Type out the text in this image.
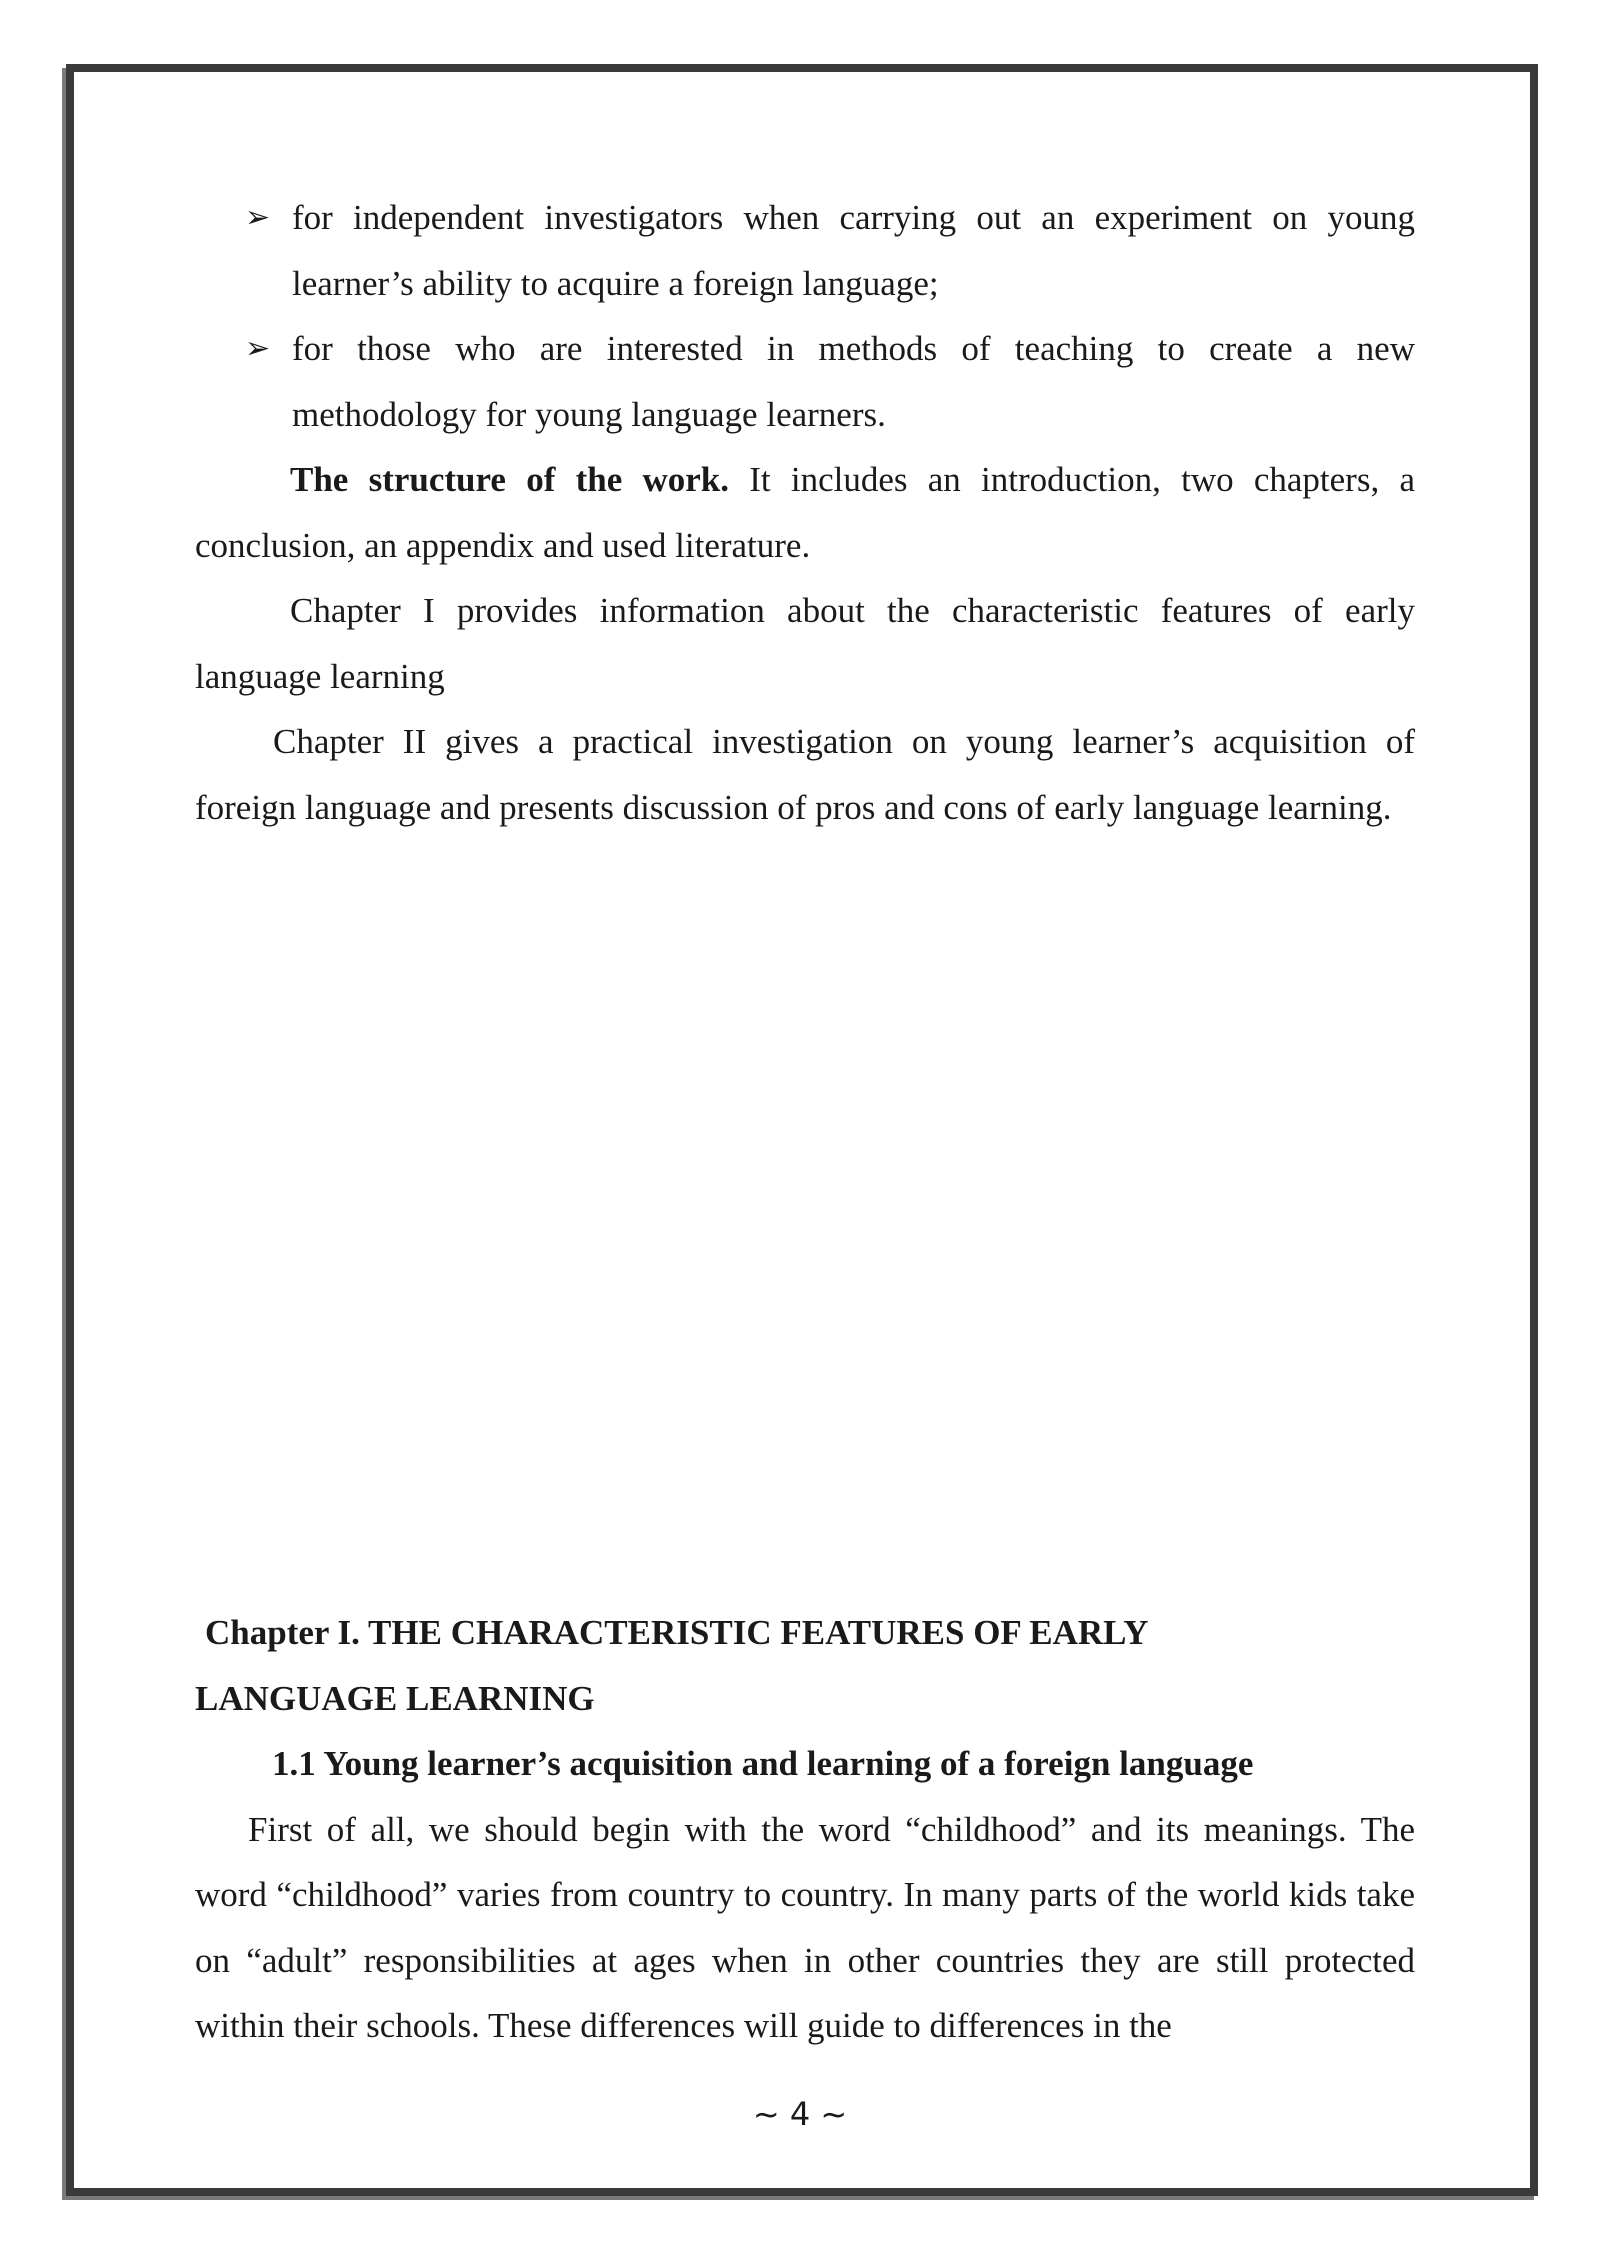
➢ for independent investigators when carrying out an experiment on young learner’s ability to acquire a foreign language;
➢ for those who are interested in methods of teaching to create a new methodology for young language learners.

The structure of the work. It includes an introduction, two chapters, a conclusion, an appendix and used literature.

Chapter I provides information about the characteristic features of early language learning

Chapter II gives a practical investigation on young learner’s acquisition of foreign language and presents discussion of pros and cons of early language learning.

Chapter I. THE CHARACTERISTIC FEATURES OF EARLY

LANGUAGE LEARNING

1.1 Young learner’s acquisition and learning of a foreign language

First of all, we should begin with the word “childhood” and its meanings. The word “childhood” varies from country to country. In many parts of the world kids take on “adult” responsibilities at ages when in other countries they are still protected within their schools. These differences will guide to differences in the

~ 4 ~
